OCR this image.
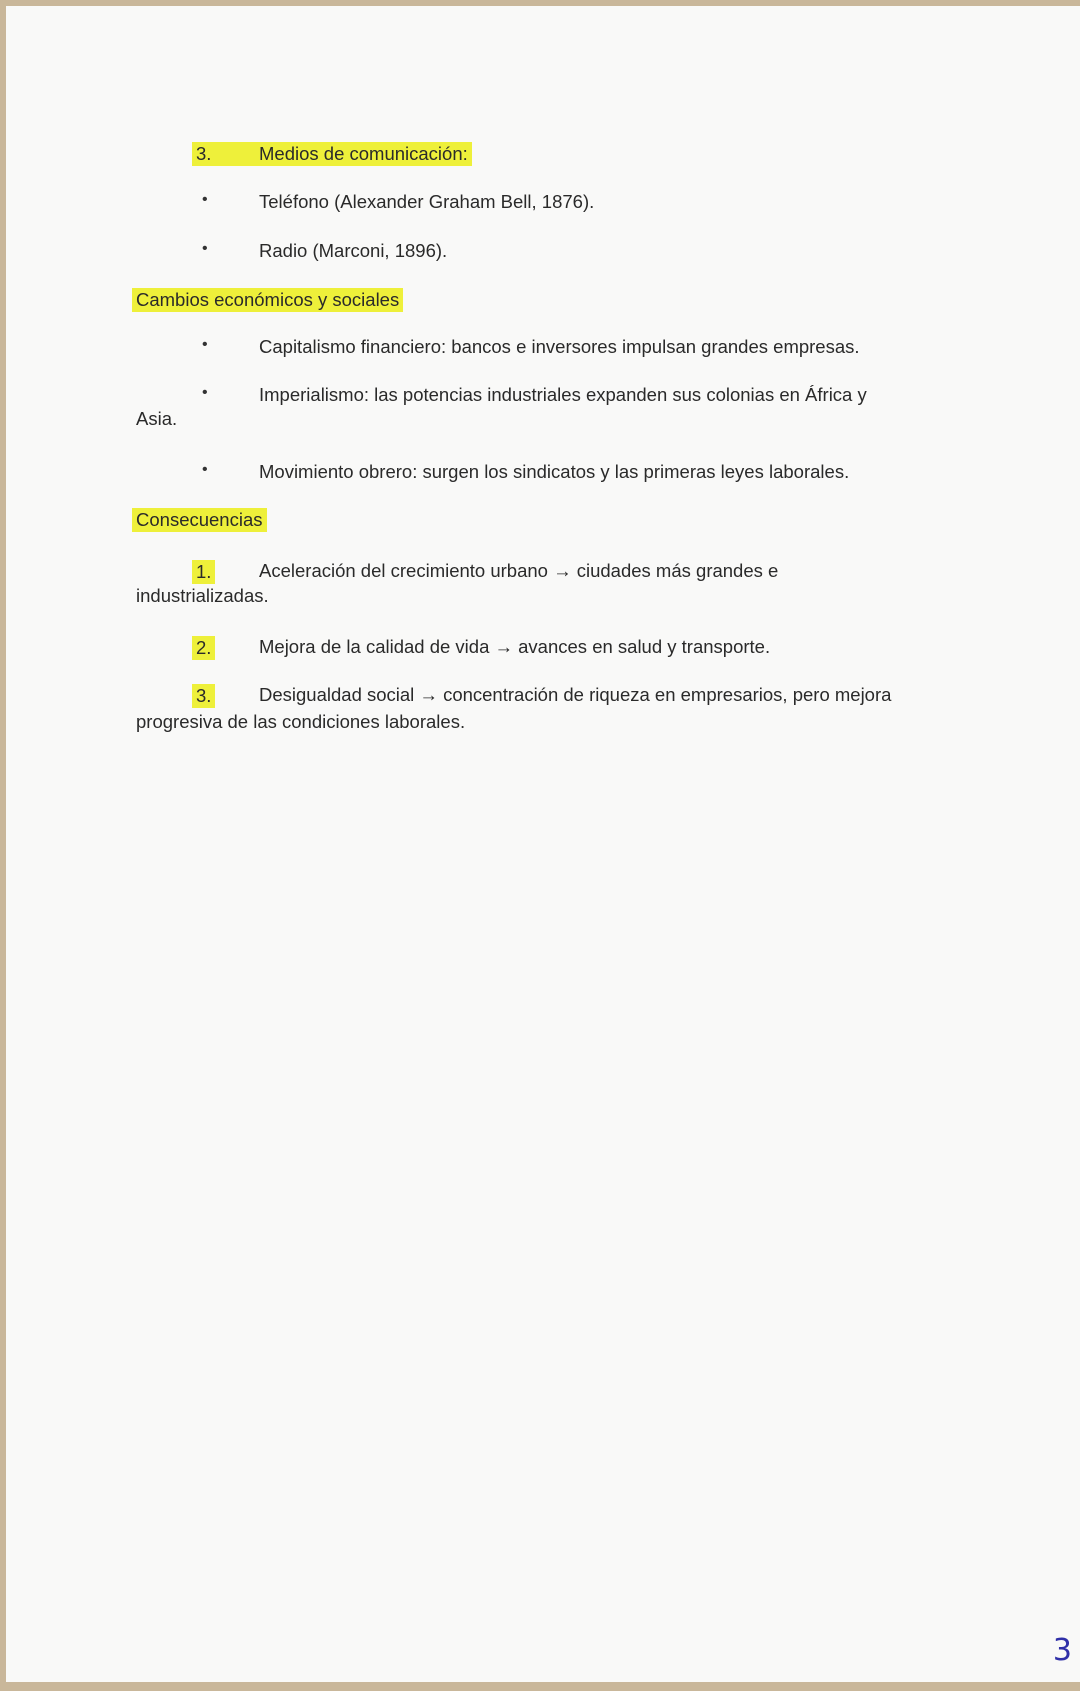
3.	Medios de comunicación:
•	Teléfono (Alexander Graham Bell, 1876).
•	Radio (Marconi, 1896).
Cambios económicos y sociales
•	Capitalismo financiero: bancos e inversores impulsan grandes empresas.
•	Imperialismo: las potencias industriales expanden sus colonias en África y
Asia.
•	Movimiento obrero: surgen los sindicatos y las primeras leyes laborales.
Consecuencias
1.	Aceleración del crecimiento urbano → ciudades más grandes e
industrializadas.
2.	Mejora de la calidad de vida → avances en salud y transporte.
3.	Desigualdad social → concentración de riqueza en empresarios, pero mejora
progresiva de las condiciones laborales.
3
